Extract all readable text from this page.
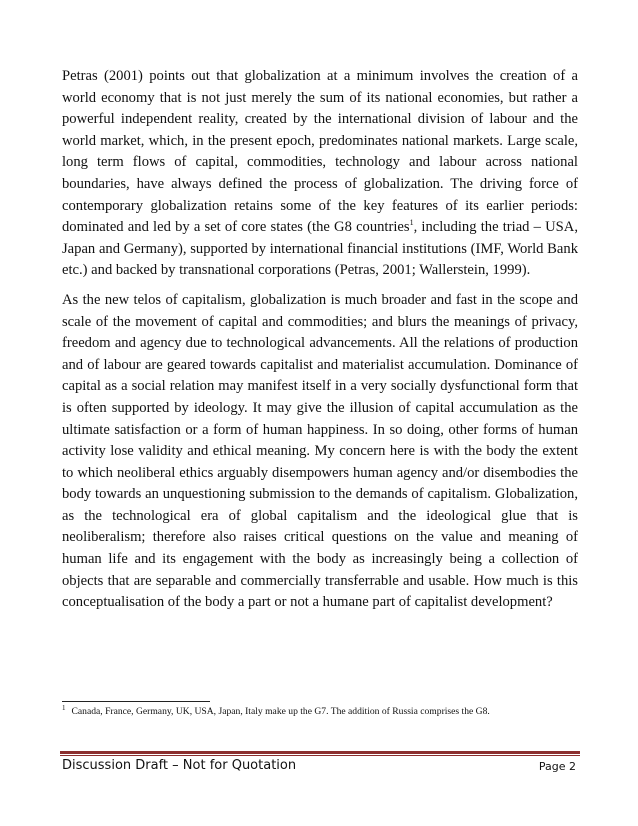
Petras (2001) points out that globalization at a minimum involves the creation of a world economy that is not just merely the sum of its national economies, but rather a powerful independent reality, created by the international division of labour and the world market, which, in the present epoch, predominates national markets. Large scale, long term flows of capital, commodities, technology and labour across national boundaries, have always defined the process of globalization. The driving force of contemporary globalization retains some of the key features of its earlier periods: dominated and led by a set of core states (the G8 countries$^1$, including the triad – USA, Japan and Germany), supported by international financial institutions (IMF, World Bank etc.) and backed by transnational corporations (Petras, 2001; Wallerstein, 1999).

As the new telos of capitalism, globalization is much broader and fast in the scope and scale of the movement of capital and commodities; and blurs the meanings of privacy, freedom and agency due to technological advancements. All the relations of production and of labour are geared towards capitalist and materialist accumulation. Dominance of capital as a social relation may manifest itself in a very socially dysfunctional form that is often supported by ideology. It may give the illusion of capital accumulation as the ultimate satisfaction or a form of human happiness. In so doing, other forms of human activity lose validity and ethical meaning. My concern here is with the body the extent to which neoliberal ethics arguably disempowers human agency and/or disembodies the body towards an unquestioning submission to the demands of capitalism. Globalization, as the technological era of global capitalism and the ideological glue that is neoliberalism; therefore also raises critical questions on the value and meaning of human life and its engagement with the body as increasingly being a collection of objects that are separable and commercially transferrable and usable. How much is this conceptualisation of the body a part or not a humane part of capitalist development?

$^1$ Canada, France, Germany, UK, USA, Japan, Italy make up the G7. The addition of Russia comprises the G8.
Discussion Draft – Not for Quotation	Page 2
